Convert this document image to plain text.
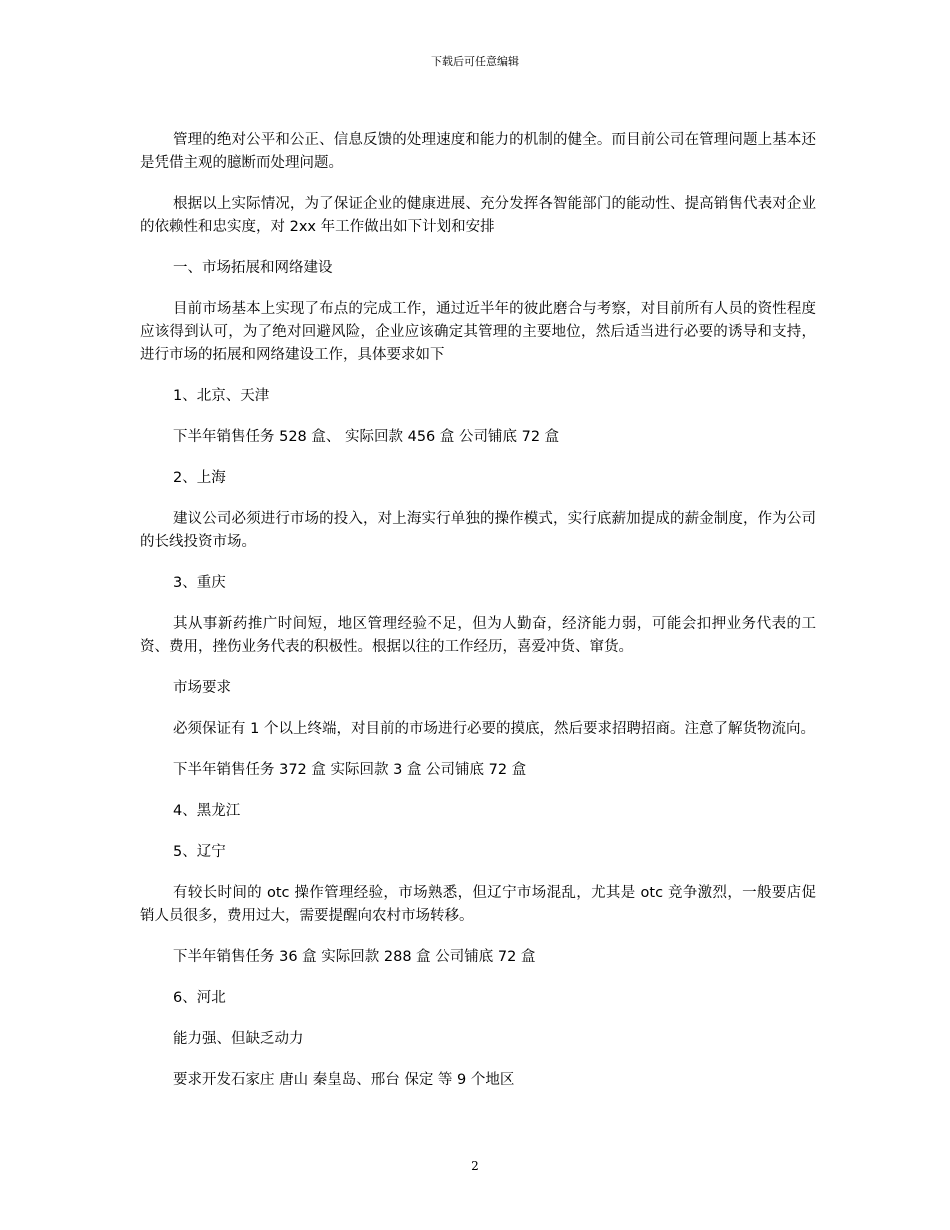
下载后可任意编辑

管理的绝对公平和公正、信息反馈的处理速度和能力的机制的健全。而目前公司在管理问题上基本还是凭借主观的臆断而处理问题。

根据以上实际情况，为了保证企业的健康进展、充分发挥各智能部门的能动性、提高销售代表对企业的依赖性和忠实度，对 2xx 年工作做出如下计划和安排

一、市场拓展和网络建设

目前市场基本上实现了布点的完成工作，通过近半年的彼此磨合与考察，对目前所有人员的资性程度应该得到认可，为了绝对回避风险，企业应该确定其管理的主要地位，然后适当进行必要的诱导和支持，进行市场的拓展和网络建设工作，具体要求如下

1、北京、天津

下半年销售任务 528 盒、 实际回款 456 盒 公司铺底 72 盒

2、上海

建议公司必须进行市场的投入，对上海实行单独的操作模式，实行底薪加提成的薪金制度，作为公司的长线投资市场。

3、重庆

其从事新药推广时间短，地区管理经验不足，但为人勤奋，经济能力弱，可能会扣押业务代表的工资、费用，挫伤业务代表的积极性。根据以往的工作经历，喜爱冲货、窜货。

市场要求

必须保证有 1 个以上终端，对目前的市场进行必要的摸底，然后要求招聘招商。注意了解货物流向。

下半年销售任务 372 盒 实际回款 3 盒 公司铺底 72 盒

4、黑龙江

5、辽宁

有较长时间的 otc 操作管理经验，市场熟悉，但辽宁市场混乱，尤其是 otc 竞争激烈，一般要店促销人员很多，费用过大，需要提醒向农村市场转移。

下半年销售任务 36 盒 实际回款 288 盒 公司铺底 72 盒

6、河北

能力强、但缺乏动力

要求开发石家庄 唐山 秦皇岛、邢台 保定 等 9 个地区

2
